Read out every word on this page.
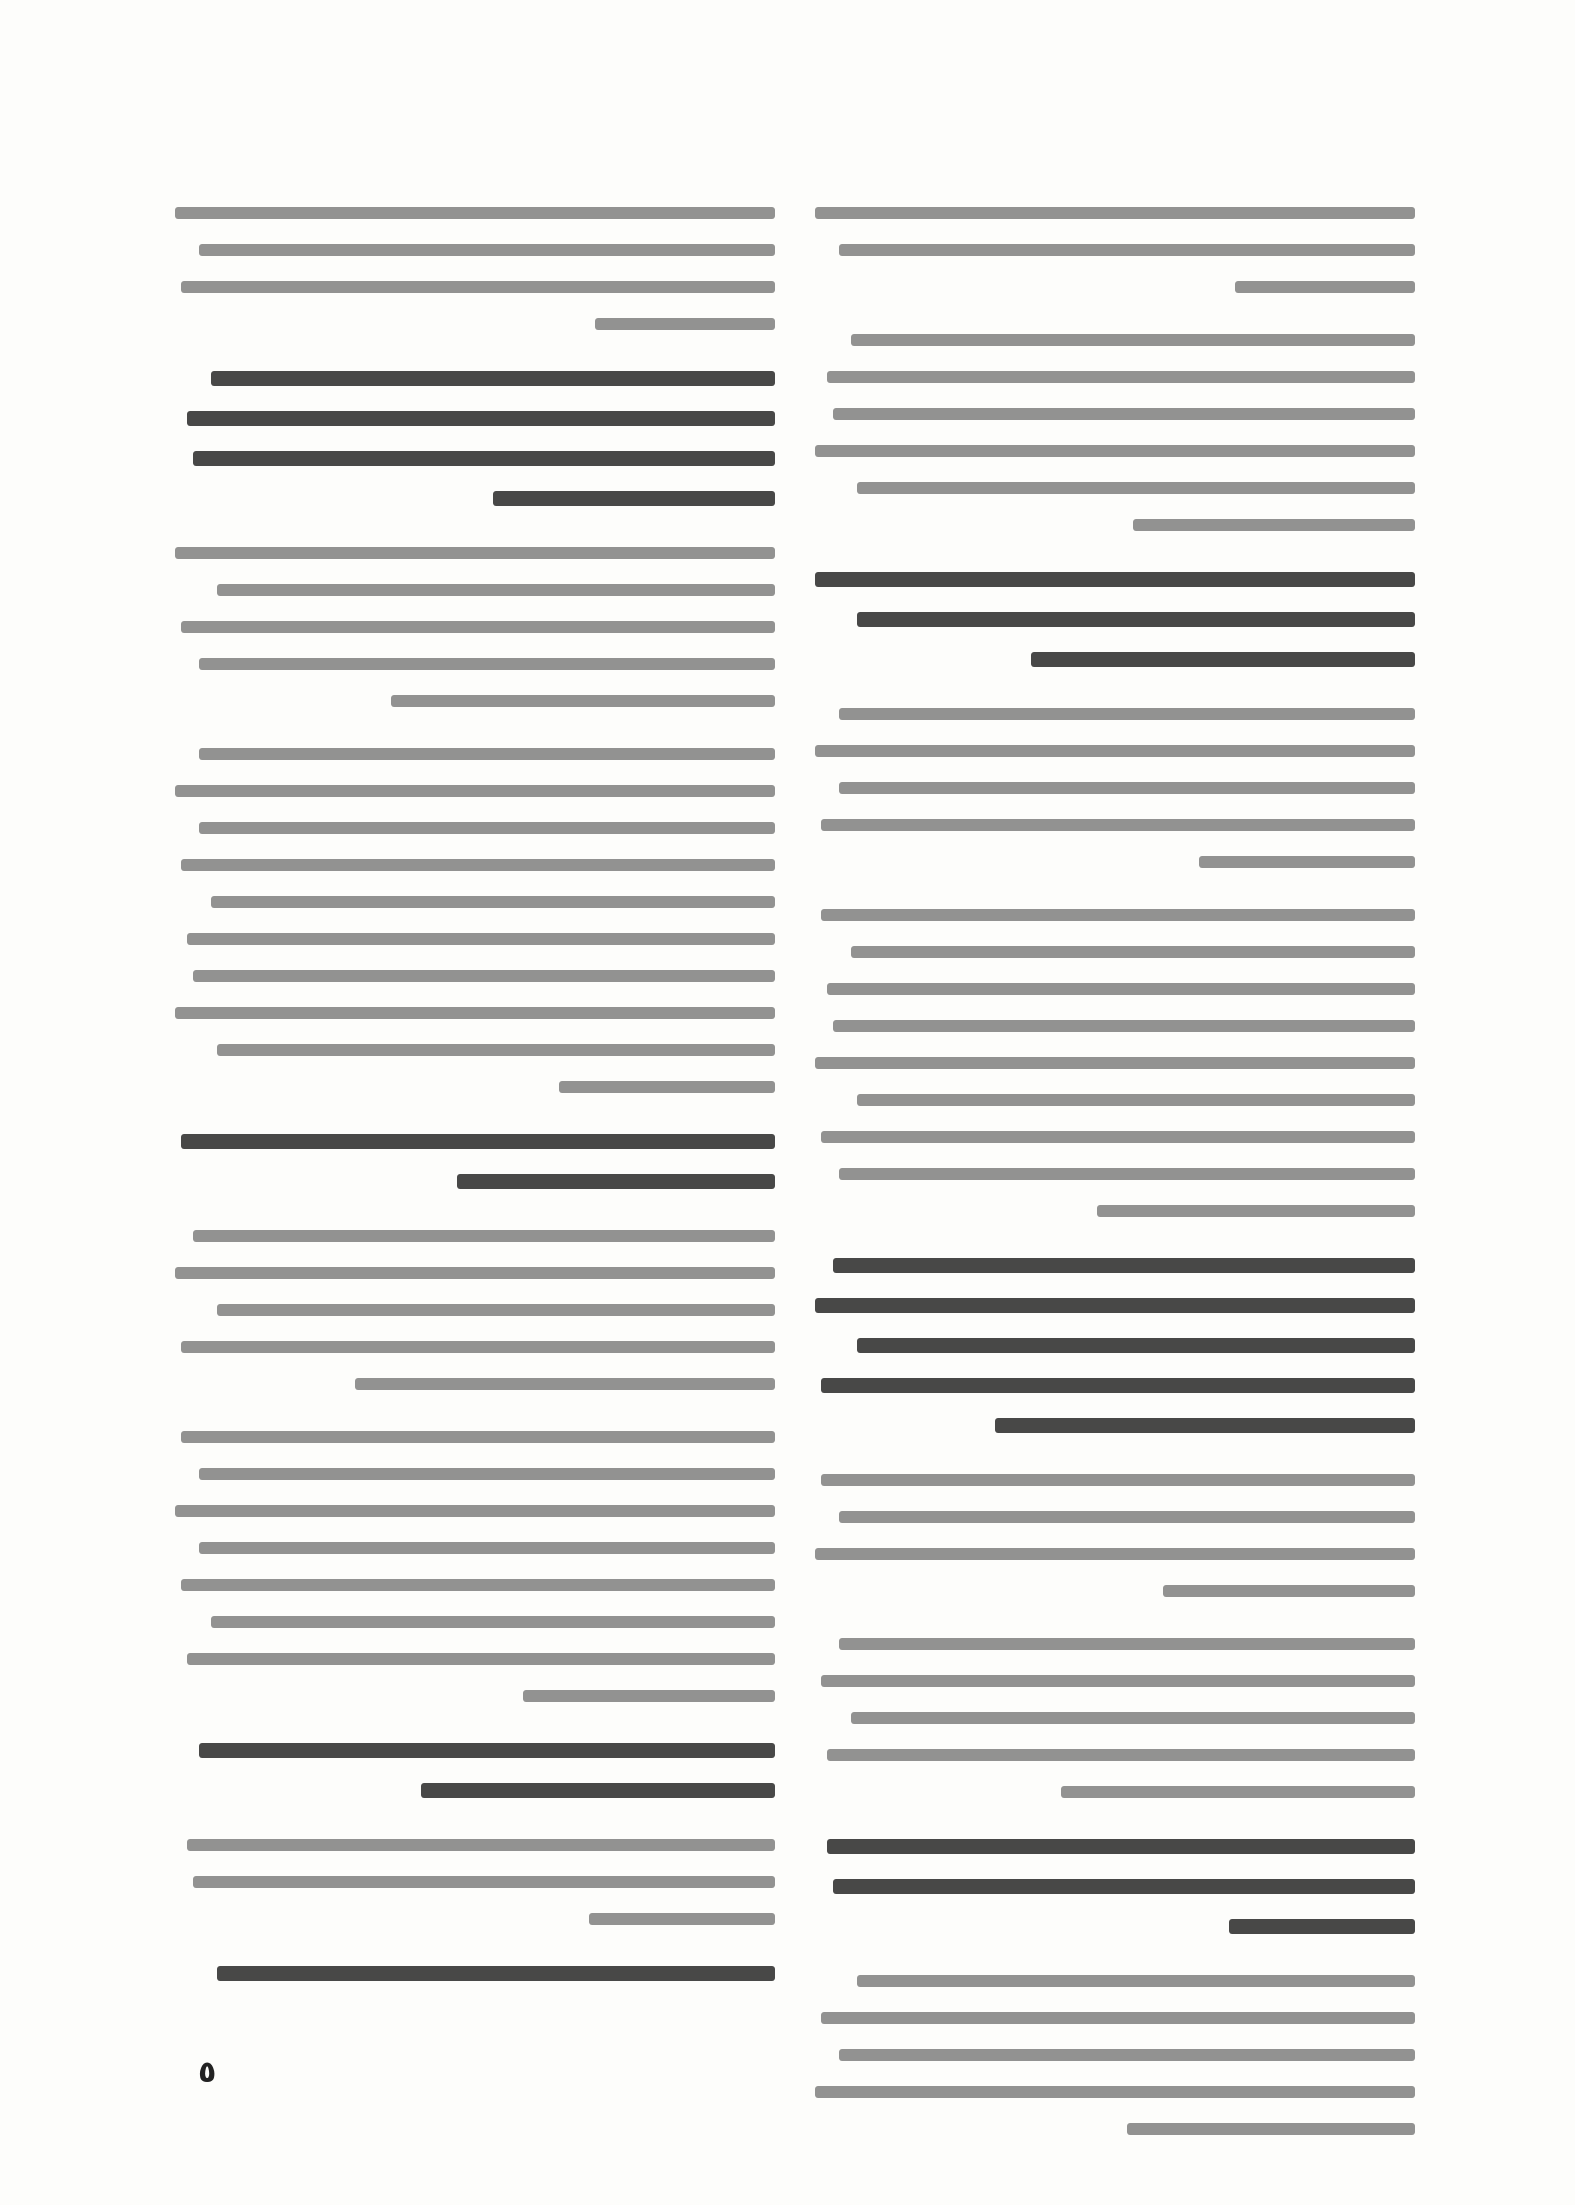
٥
